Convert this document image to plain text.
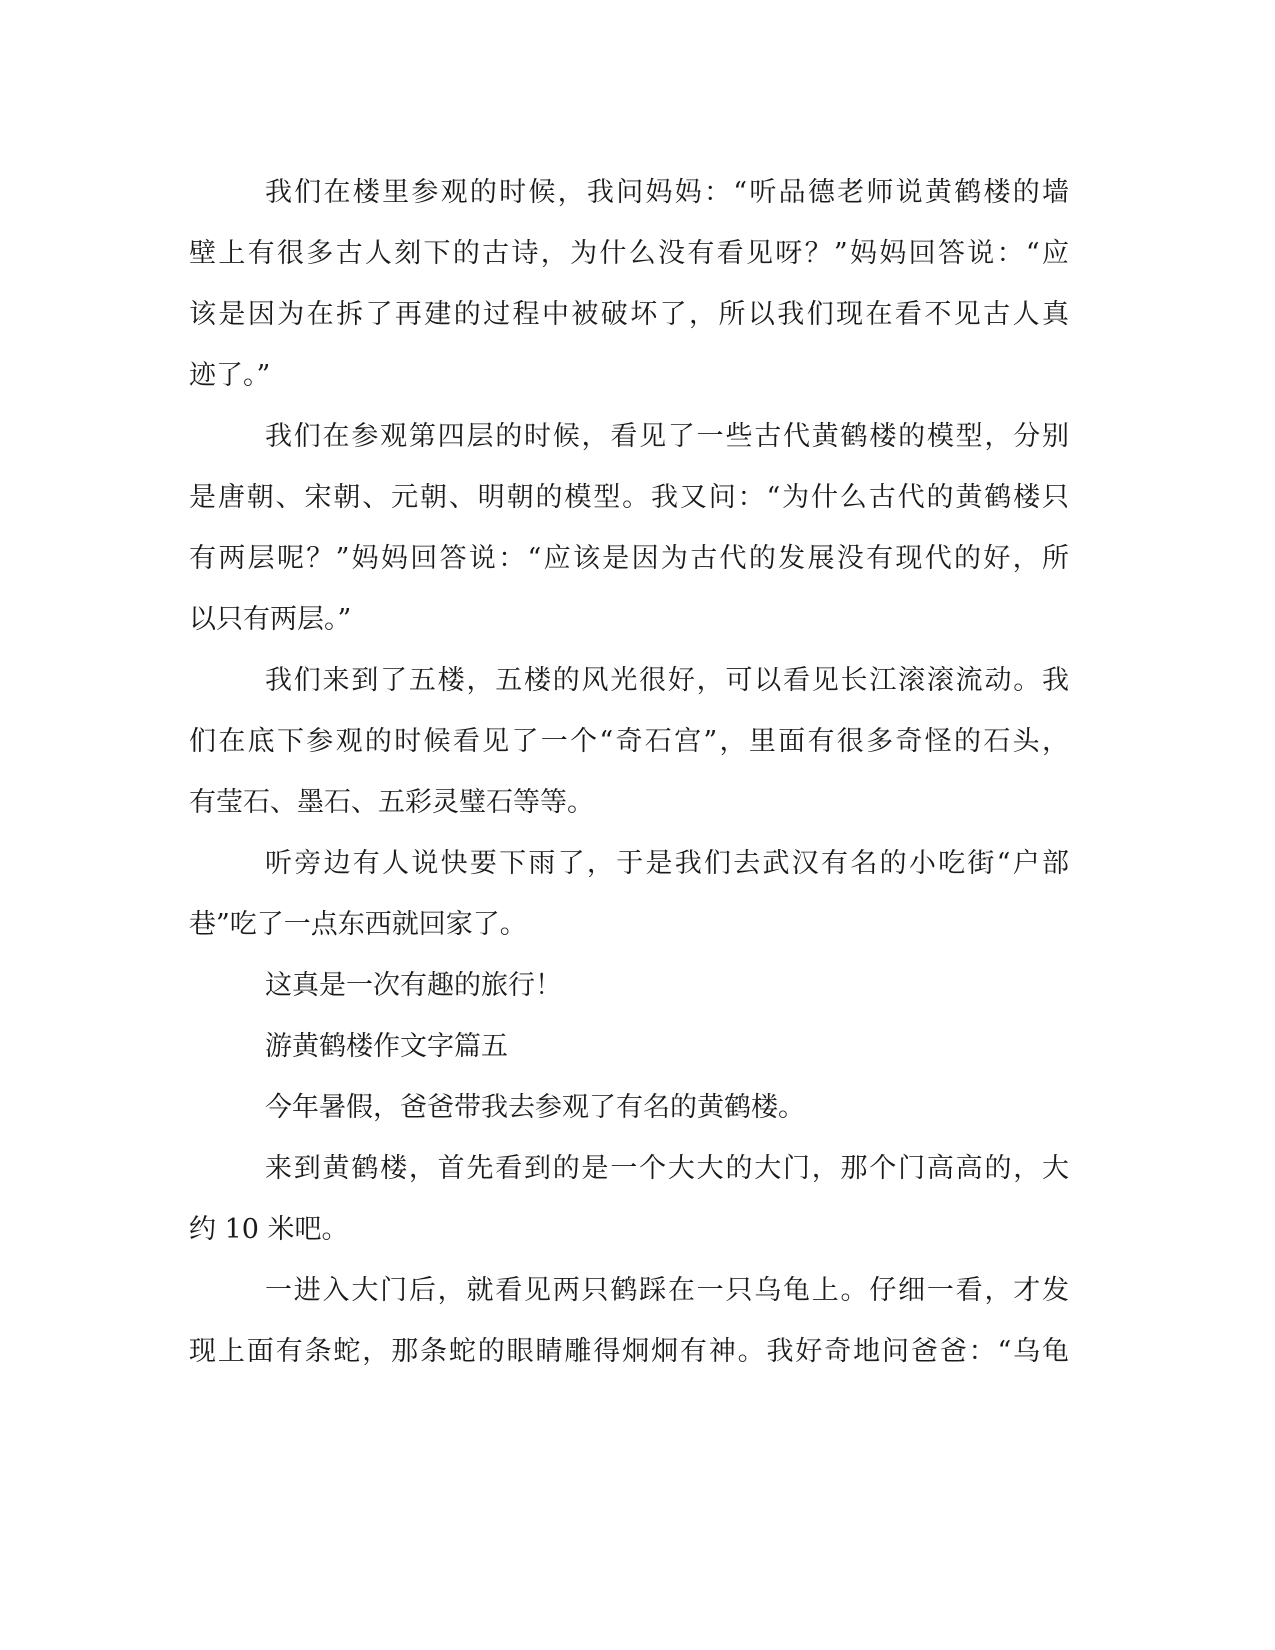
我们在楼里参观的时候，我问妈妈：“听品德老师说黄鹤楼的墙
壁上有很多古人刻下的古诗，为什么没有看见呀？”妈妈回答说：“应
该是因为在拆了再建的过程中被破坏了，所以我们现在看不见古人真
迹了。”
我们在参观第四层的时候，看见了一些古代黄鹤楼的模型，分别
是唐朝、宋朝、元朝、明朝的模型。我又问：“为什么古代的黄鹤楼只
有两层呢？”妈妈回答说：“应该是因为古代的发展没有现代的好，所
以只有两层。”
我们来到了五楼，五楼的风光很好，可以看见长江滚滚流动。我
们在底下参观的时候看见了一个“奇石宫”，里面有很多奇怪的石头，
有莹石、墨石、五彩灵璧石等等。
听旁边有人说快要下雨了，于是我们去武汉有名的小吃街“户部
巷”吃了一点东西就回家了。
这真是一次有趣的旅行！
游黄鹤楼作文字篇五
今年暑假，爸爸带我去参观了有名的黄鹤楼。
来到黄鹤楼，首先看到的是一个大大的大门，那个门高高的，大
约 10 米吧。
一进入大门后，就看见两只鹤踩在一只乌龟上。仔细一看，才发
现上面有条蛇，那条蛇的眼睛雕得炯炯有神。我好奇地问爸爸：“乌龟
